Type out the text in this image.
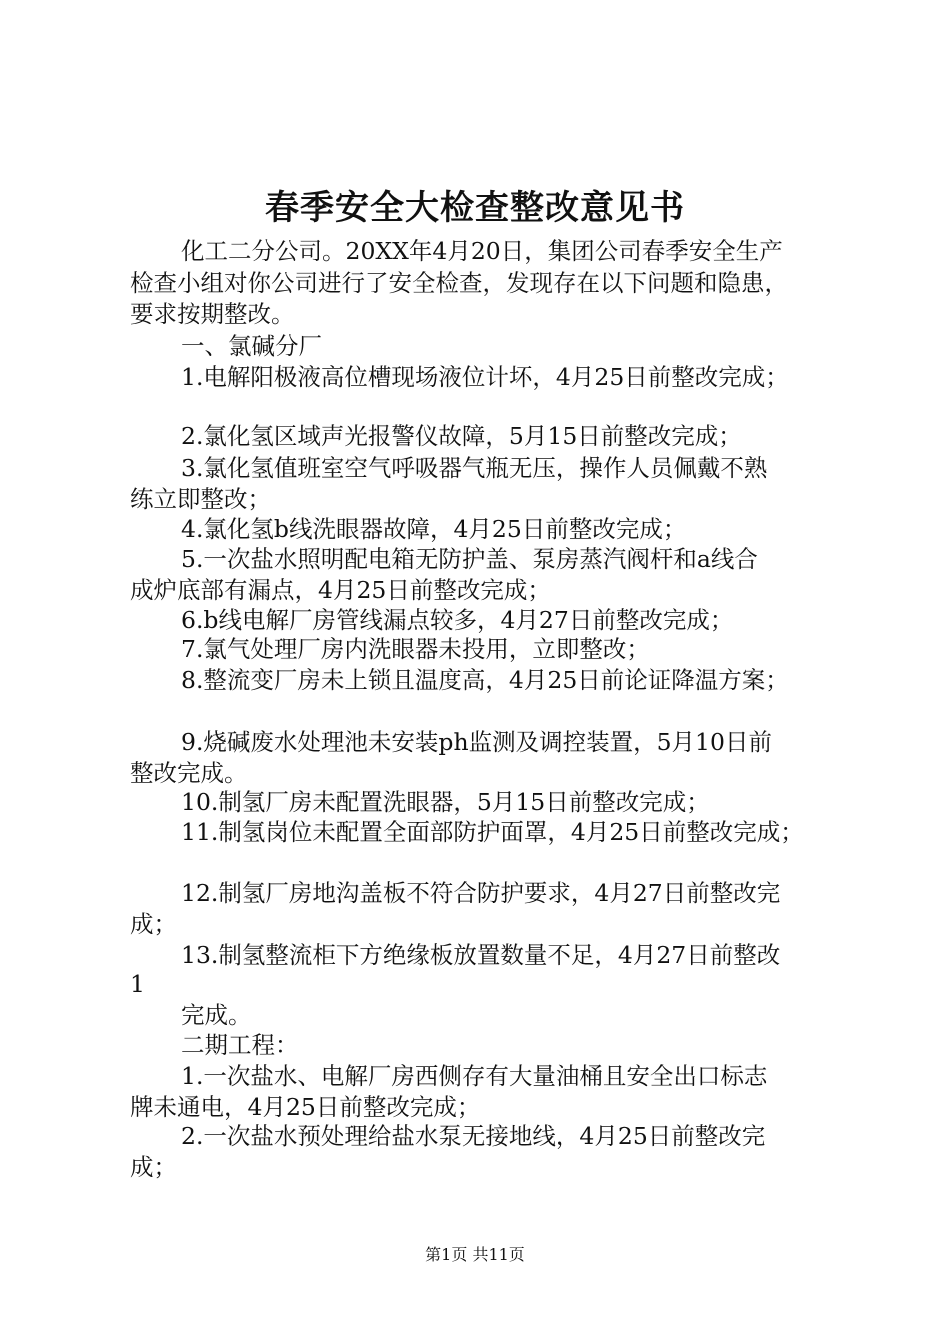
春季安全大检查整改意见书
化工二分公司。20XX年4月20日，集团公司春季安全生产
检查小组对你公司进行了安全检查，发现存在以下问题和隐患，
要求按期整改。
一、氯碱分厂
1.电解阳极液高位槽现场液位计坏，4月25日前整改完成；
2.氯化氢区域声光报警仪故障，5月15日前整改完成；
3.氯化氢值班室空气呼吸器气瓶无压，操作人员佩戴不熟
练立即整改；
4.氯化氢b线洗眼器故障，4月25日前整改完成；
5.一次盐水照明配电箱无防护盖、泵房蒸汽阀杆和a线合
成炉底部有漏点，4月25日前整改完成；
6.b线电解厂房管线漏点较多，4月27日前整改完成；
7.氯气处理厂房内洗眼器未投用，立即整改；
8.整流变厂房未上锁且温度高，4月25日前论证降温方案；
9.烧碱废水处理池未安装ph监测及调控装置，5月10日前
整改完成。
10.制氢厂房未配置洗眼器，5月15日前整改完成；
11.制氢岗位未配置全面部防护面罩，4月25日前整改完成；
12.制氢厂房地沟盖板不符合防护要求，4月27日前整改完
成；
13.制氢整流柜下方绝缘板放置数量不足，4月27日前整改
1
完成。
二期工程：
1.一次盐水、电解厂房西侧存有大量油桶且安全出口标志
牌未通电，4月25日前整改完成；
2.一次盐水预处理给盐水泵无接地线，4月25日前整改完
成；
第1页 共11页
